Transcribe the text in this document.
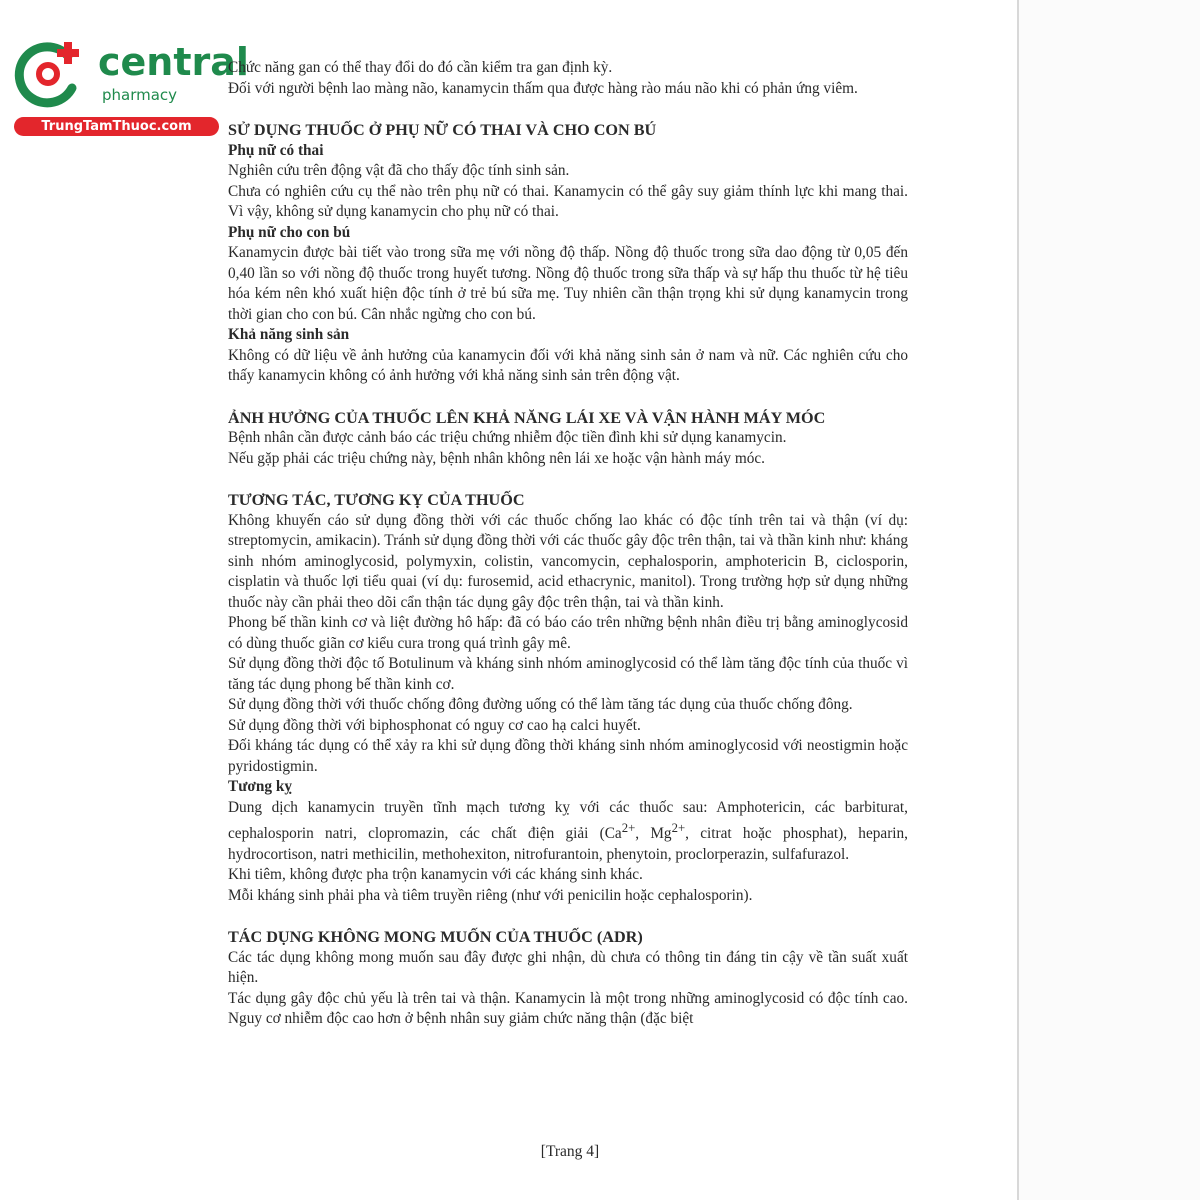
central
pharmacy
TrungTamThuoc.com

Chức năng gan có thể thay đổi do đó cần kiểm tra gan định kỳ.

Đối với người bệnh lao màng não, kanamycin thấm qua được hàng rào máu não khi có phản ứng viêm.

SỬ DỤNG THUỐC Ở PHỤ NỮ CÓ THAI VÀ CHO CON BÚ

Phụ nữ có thai

Nghiên cứu trên động vật đã cho thấy độc tính sinh sản.

Chưa có nghiên cứu cụ thể nào trên phụ nữ có thai. Kanamycin có thể gây suy giảm thính lực khi mang thai. Vì vậy, không sử dụng kanamycin cho phụ nữ có thai.

Phụ nữ cho con bú

Kanamycin được bài tiết vào trong sữa mẹ với nồng độ thấp. Nồng độ thuốc trong sữa dao động từ 0,05 đến 0,40 lần so với nồng độ thuốc trong huyết tương. Nồng độ thuốc trong sữa thấp và sự hấp thu thuốc từ hệ tiêu hóa kém nên khó xuất hiện độc tính ở trẻ bú sữa mẹ. Tuy nhiên cần thận trọng khi sử dụng kanamycin trong thời gian cho con bú. Cân nhắc ngừng cho con bú.

Khả năng sinh sản

Không có dữ liệu về ảnh hưởng của kanamycin đối với khả năng sinh sản ở nam và nữ. Các nghiên cứu cho thấy kanamycin không có ảnh hưởng với khả năng sinh sản trên động vật.

ẢNH HƯỞNG CỦA THUỐC LÊN KHẢ NĂNG LÁI XE VÀ VẬN HÀNH MÁY MÓC

Bệnh nhân cần được cảnh báo các triệu chứng nhiễm độc tiền đình khi sử dụng kanamycin.

Nếu gặp phải các triệu chứng này, bệnh nhân không nên lái xe hoặc vận hành máy móc.

TƯƠNG TÁC, TƯƠNG KỴ CỦA THUỐC

Không khuyến cáo sử dụng đồng thời với các thuốc chống lao khác có độc tính trên tai và thận (ví dụ: streptomycin, amikacin). Tránh sử dụng đồng thời với các thuốc gây độc trên thận, tai và thần kinh như: kháng sinh nhóm aminoglycosid, polymyxin, colistin, vancomycin, cephalosporin, amphotericin B, ciclosporin, cisplatin và thuốc lợi tiểu quai (ví dụ: furosemid, acid ethacrynic, manitol). Trong trường hợp sử dụng những thuốc này cần phải theo dõi cẩn thận tác dụng gây độc trên thận, tai và thần kinh.

Phong bế thần kinh cơ và liệt đường hô hấp: đã có báo cáo trên những bệnh nhân điều trị bằng aminoglycosid có dùng thuốc giãn cơ kiểu cura trong quá trình gây mê.

Sử dụng đồng thời độc tố Botulinum và kháng sinh nhóm aminoglycosid có thể làm tăng độc tính của thuốc vì tăng tác dụng phong bế thần kinh cơ.

Sử dụng đồng thời với thuốc chống đông đường uống có thể làm tăng tác dụng của thuốc chống đông.

Sử dụng đồng thời với biphosphonat có nguy cơ cao hạ calci huyết.

Đối kháng tác dụng có thể xảy ra khi sử dụng đồng thời kháng sinh nhóm aminoglycosid với neostigmin hoặc pyridostigmin.

Tương kỵ

Dung dịch kanamycin truyền tĩnh mạch tương kỵ với các thuốc sau: Amphotericin, các barbiturat, cephalosporin natri, clopromazin, các chất điện giải ($Ca^{2+}$, $Mg^{2+}$, citrat hoặc phosphat), heparin, hydrocortison, natri methicilin, methohexiton, nitrofurantoin, phenytoin, proclorperazin, sulfafurazol.

Khi tiêm, không được pha trộn kanamycin với các kháng sinh khác.

Mỗi kháng sinh phải pha và tiêm truyền riêng (như với penicilin hoặc cephalosporin).

TÁC DỤNG KHÔNG MONG MUỐN CỦA THUỐC (ADR)

Các tác dụng không mong muốn sau đây được ghi nhận, dù chưa có thông tin đáng tin cậy về tần suất xuất hiện.

Tác dụng gây độc chủ yếu là trên tai và thận. Kanamycin là một trong những aminoglycosid có độc tính cao. Nguy cơ nhiễm độc cao hơn ở bệnh nhân suy giảm chức năng thận (đặc biệt

[Trang 4]
